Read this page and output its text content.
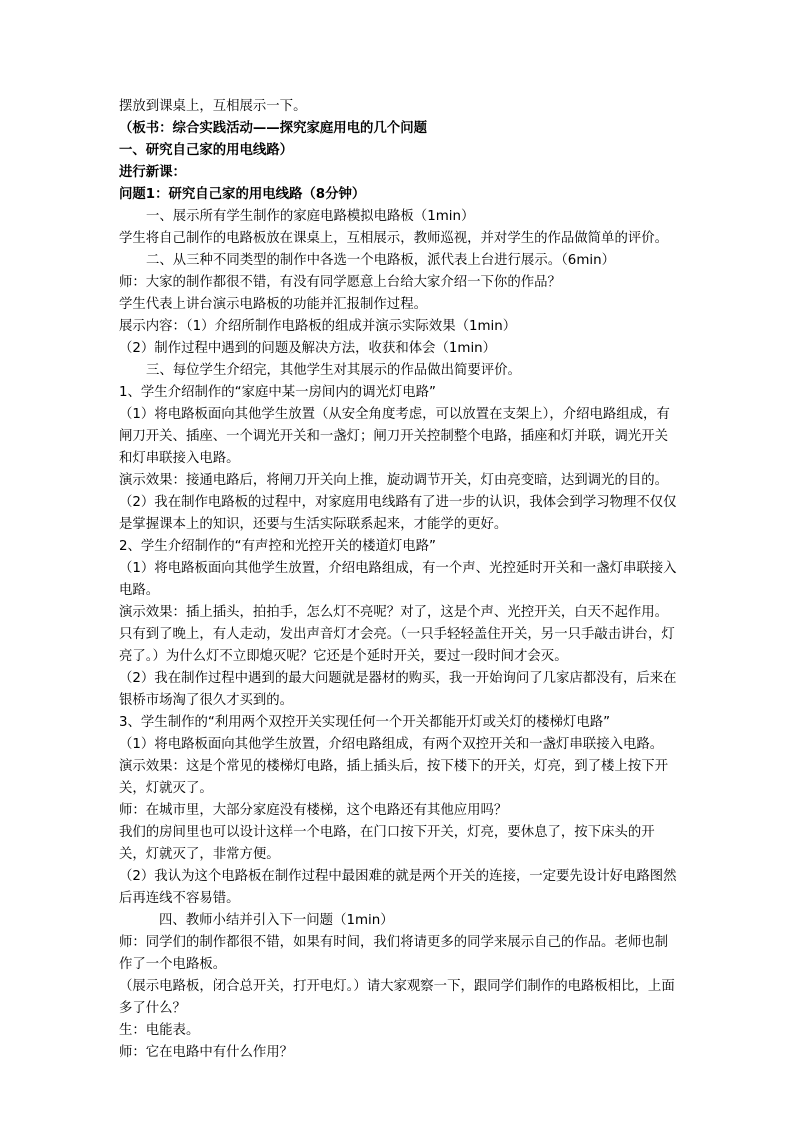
摆放到课桌上，互相展示一下。

（板书：综合实践活动——探究家庭用电的几个问题

一、研究自己家的用电线路）

进行新课：

问题1：研究自己家的用电线路（8分钟）

一、展示所有学生制作的家庭电路模拟电路板（1min）

学生将自己制作的电路板放在课桌上，互相展示，教师巡视，并对学生的作品做简单的评价。

二、从三种不同类型的制作中各选一个电路板，派代表上台进行展示。（6min）

师：大家的制作都很不错，有没有同学愿意上台给大家介绍一下你的作品？

学生代表上讲台演示电路板的功能并汇报制作过程。

展示内容：（1）介绍所制作电路板的组成并演示实际效果（1min）

（2）制作过程中遇到的问题及解决方法，收获和体会（1min）

三、每位学生介绍完，其他学生对其展示的作品做出简要评价。

1、学生介绍制作的“家庭中某一房间内的调光灯电路”

（1）将电路板面向其他学生放置（从安全角度考虑，可以放置在支架上），介绍电路组成，有闸刀开关、插座、一个调光开关和一盏灯；闸刀开关控制整个电路，插座和灯并联，调光开关和灯串联接入电路。

演示效果：接通电路后，将闸刀开关向上推，旋动调节开关，灯由亮变暗，达到调光的目的。

（2）我在制作电路板的过程中，对家庭用电线路有了进一步的认识，我体会到学习物理不仅仅是掌握课本上的知识，还要与生活实际联系起来，才能学的更好。

2、学生介绍制作的“有声控和光控开关的楼道灯电路”

（1）将电路板面向其他学生放置，介绍电路组成，有一个声、光控延时开关和一盏灯串联接入电路。

演示效果：插上插头，拍拍手，怎么灯不亮呢？对了，这是个声、光控开关，白天不起作用。只有到了晚上，有人走动，发出声音灯才会亮。（一只手轻轻盖住开关，另一只手敲击讲台，灯亮了。）为什么灯不立即熄灭呢？它还是个延时开关，要过一段时间才会灭。

（2）我在制作过程中遇到的最大问题就是器材的购买，我一开始询问了几家店都没有，后来在银桥市场淘了很久才买到的。

3、学生制作的“利用两个双控开关实现任何一个开关都能开灯或关灯的楼梯灯电路”

（1）将电路板面向其他学生放置，介绍电路组成，有两个双控开关和一盏灯串联接入电路。

演示效果：这是个常见的楼梯灯电路，插上插头后，按下楼下的开关，灯亮，到了楼上按下开关，灯就灭了。

师：在城市里，大部分家庭没有楼梯，这个电路还有其他应用吗？

我们的房间里也可以设计这样一个电路，在门口按下开关，灯亮，要休息了，按下床头的开关，灯就灭了，非常方便。

（2）我认为这个电路板在制作过程中最困难的就是两个开关的连接，一定要先设计好电路图然后再连线不容易错。

四、教师小结并引入下一问题（1min）

师：同学们的制作都很不错，如果有时间，我们将请更多的同学来展示自己的作品。老师也制作了一个电路板。

（展示电路板，闭合总开关，打开电灯。）请大家观察一下，跟同学们制作的电路板相比，上面多了什么？

生：电能表。

师：它在电路中有什么作用？
